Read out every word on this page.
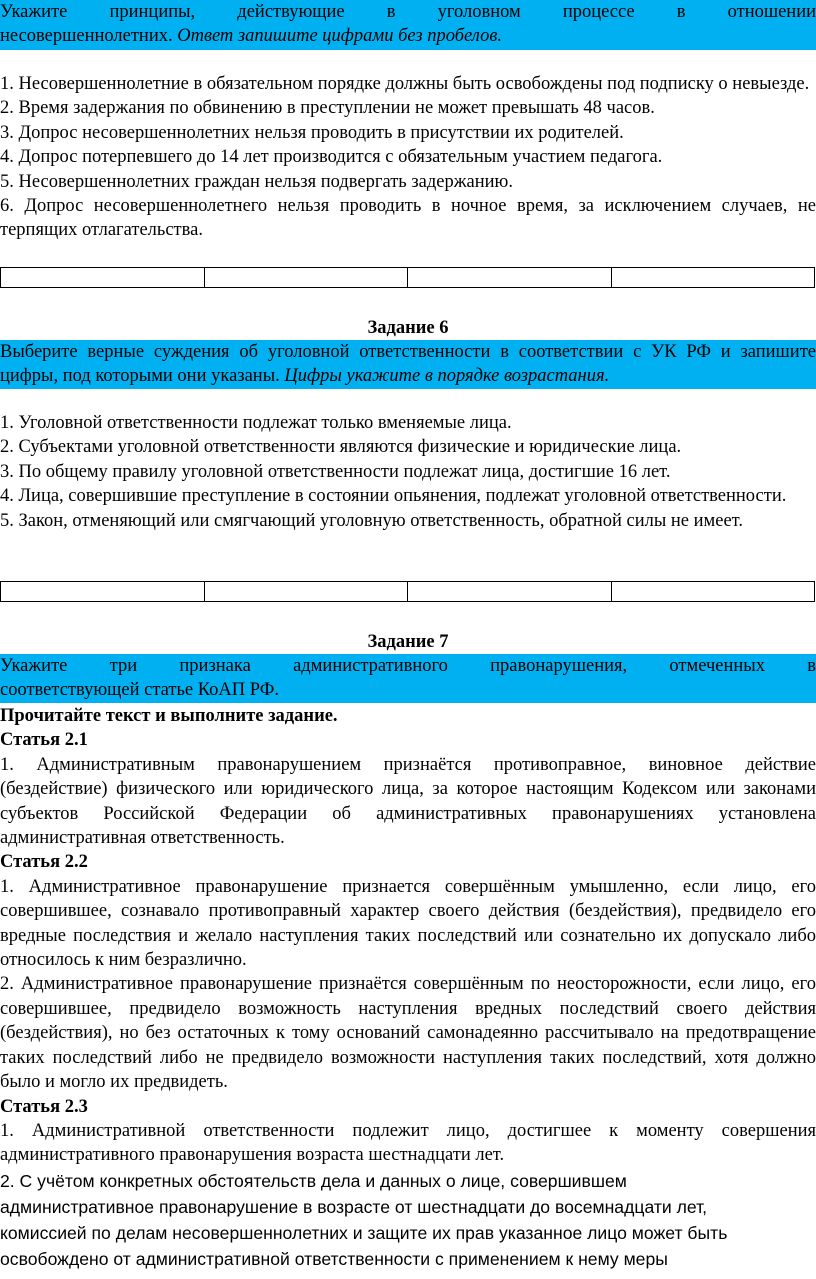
Укажите принципы, действующие в уголовном процессе в отношении

несовершеннолетних. Ответ запишите цифрами без пробелов.

1. Несовершеннолетние в обязательном порядке должны быть освобождены под подписку о невыезде.

2. Время задержания по обвинению в преступлении не может превышать 48 часов.

3. Допрос несовершеннолетних нельзя проводить в присутствии их родителей.

4. Допрос потерпевшего до 14 лет производится с обязательным участием педагога.

5. Несовершеннолетних граждан нельзя подвергать задержанию.

6. Допрос несовершеннолетнего нельзя проводить в ночное время, за исключением случаев, не терпящих отлагательства.

Задание 6

Выберите верные суждения об уголовной ответственности в соответствии с УК РФ и запишите цифры, под которыми они указаны. Цифры укажите в порядке возрастания.

1. Уголовной ответственности подлежат только вменяемые лица.

2. Субъектами уголовной ответственности являются физические и юридические лица.

3. По общему правилу уголовной ответственности подлежат лица, достигшие 16 лет.

4. Лица, совершившие преступление в состоянии опьянения, подлежат уголовной ответственности.

5. Закон, отменяющий или смягчающий уголовную ответственность, обратной силы не имеет.

Задание 7

Укажите три признака административного правонарушения, отмеченных в

соответствующей статье КоАП РФ.

Прочитайте текст и выполните задание.

Статья 2.1

1. Административным правонарушением признаётся противоправное, виновное действие (бездействие) физического или юридического лица, за которое настоящим Кодексом или законами субъектов Российской Федерации об административных правонарушениях установлена административная ответственность.

Статья 2.2

1. Административное правонарушение признается совершённым умышленно, если лицо, его совершившее, сознавало противоправный характер своего действия (бездействия), предвидело его вредные последствия и желало наступления таких последствий или сознательно их допускало либо относилось к ним безразлично.

2. Административное правонарушение признаётся совершённым по неосторожности, если лицо, его совершившее, предвидело возможность наступления вредных последствий своего действия (бездействия), но без остаточных к тому оснований самонадеянно рассчитывало на предотвращение таких последствий либо не предвидело возможности наступления таких последствий, хотя должно было и могло их предвидеть.

Статья 2.3

1. Административной ответственности подлежит лицо, достигшее к моменту совершения административного правонарушения возраста шестнадцати лет.

2. С учётом конкретных обстоятельств дела и данных о лице, совершившем

административное правонарушение в возрасте от шестнадцати до восемнадцати лет,

комиссией по делам несовершеннолетних и защите их прав указанное лицо может быть

освобождено от административной ответственности с применением к нему меры
